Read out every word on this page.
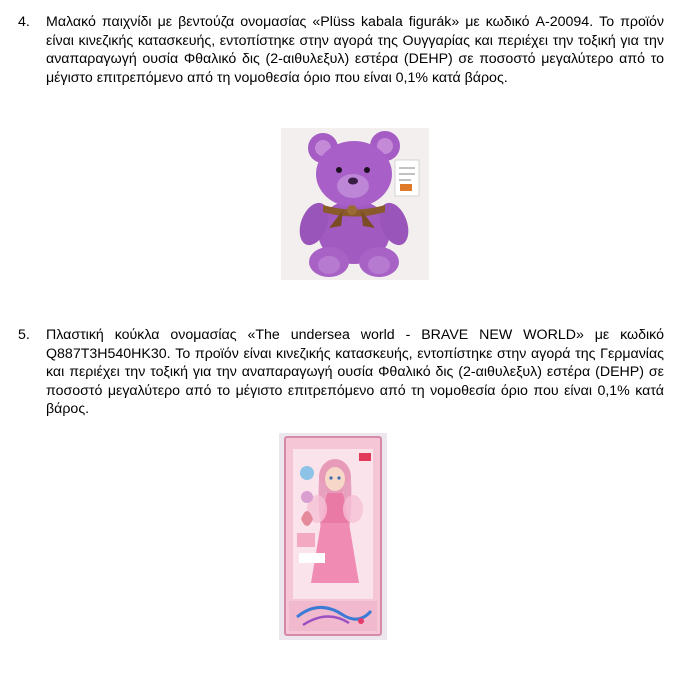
4.	Μαλακό παιχνίδι με βεντούζα ονομασίας «Plüss kabala figurák» με κωδικό A-20094. Το προϊόν είναι κινεζικής κατασκευής, εντοπίστηκε στην αγορά της Ουγγαρίας και περιέχει την τοξική για την αναπαραγωγή ουσία Φθαλικό δις (2-αιθυλεξυλ) εστέρα (DEHP) σε ποσοστό μεγαλύτερο από το μέγιστο επιτρεπόμενο από τη νομοθεσία όριο που είναι 0,1% κατά βάρος.
5.	Πλαστική κούκλα ονομασίας «The undersea world - BRAVE NEW WORLD» με κωδικό Q887T3H540HK30. Το προϊόν είναι κινεζικής κατασκευής, εντοπίστηκε στην αγορά της Γερμανίας και περιέχει την τοξική για την αναπαραγωγή ουσία Φθαλικό δις (2-αιθυλεξυλ) εστέρα (DEHP) σε ποσοστό μεγαλύτερο από το μέγιστο επιτρεπόμενο από τη νομοθεσία όριο που είναι 0,1% κατά βάρος.
